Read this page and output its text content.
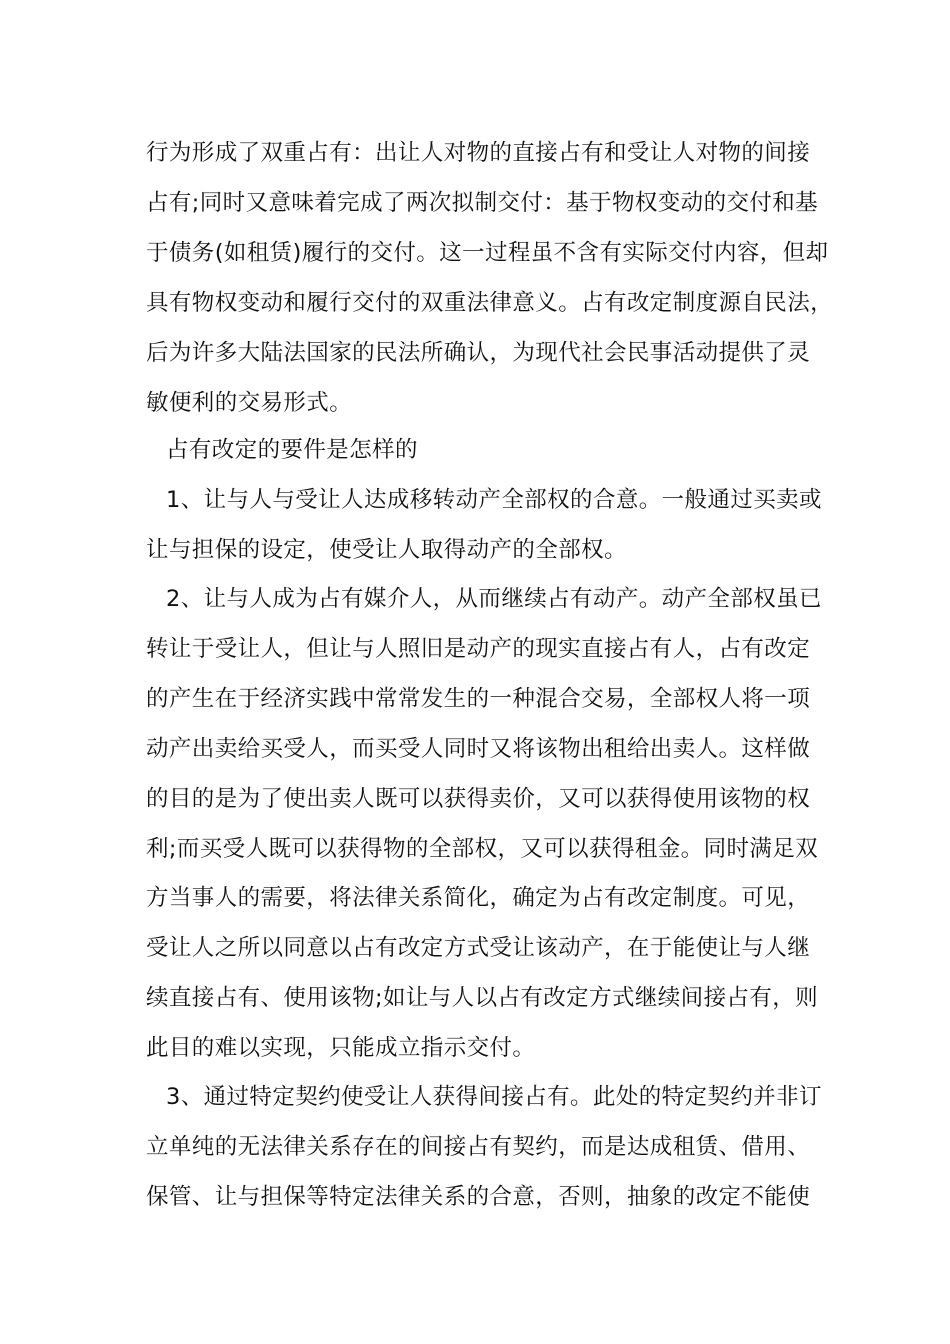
行为形成了双重占有：出让人对物的直接占有和受让人对物的间接
占有;同时又意味着完成了两次拟制交付：基于物权变动的交付和基
于债务(如租赁)履行的交付。这一过程虽不含有实际交付内容，但却
具有物权变动和履行交付的双重法律意义。占有改定制度源自民法，
后为许多大陆法国家的民法所确认，为现代社会民事活动提供了灵
敏便利的交易形式。
占有改定的要件是怎样的
1、让与人与受让人达成移转动产全部权的合意。一般通过买卖或
让与担保的设定，使受让人取得动产的全部权。
2、让与人成为占有媒介人，从而继续占有动产。动产全部权虽已
转让于受让人，但让与人照旧是动产的现实直接占有人，占有改定
的产生在于经济实践中常常发生的一种混合交易，全部权人将一项
动产出卖给买受人，而买受人同时又将该物出租给出卖人。这样做
的目的是为了使出卖人既可以获得卖价，又可以获得使用该物的权
利;而买受人既可以获得物的全部权，又可以获得租金。同时满足双
方当事人的需要，将法律关系简化，确定为占有改定制度。可见，
受让人之所以同意以占有改定方式受让该动产，在于能使让与人继
续直接占有、使用该物;如让与人以占有改定方式继续间接占有，则
此目的难以实现，只能成立指示交付。
3、通过特定契约使受让人获得间接占有。此处的特定契约并非订
立单纯的无法律关系存在的间接占有契约，而是达成租赁、借用、
保管、让与担保等特定法律关系的合意，否则，抽象的改定不能使
